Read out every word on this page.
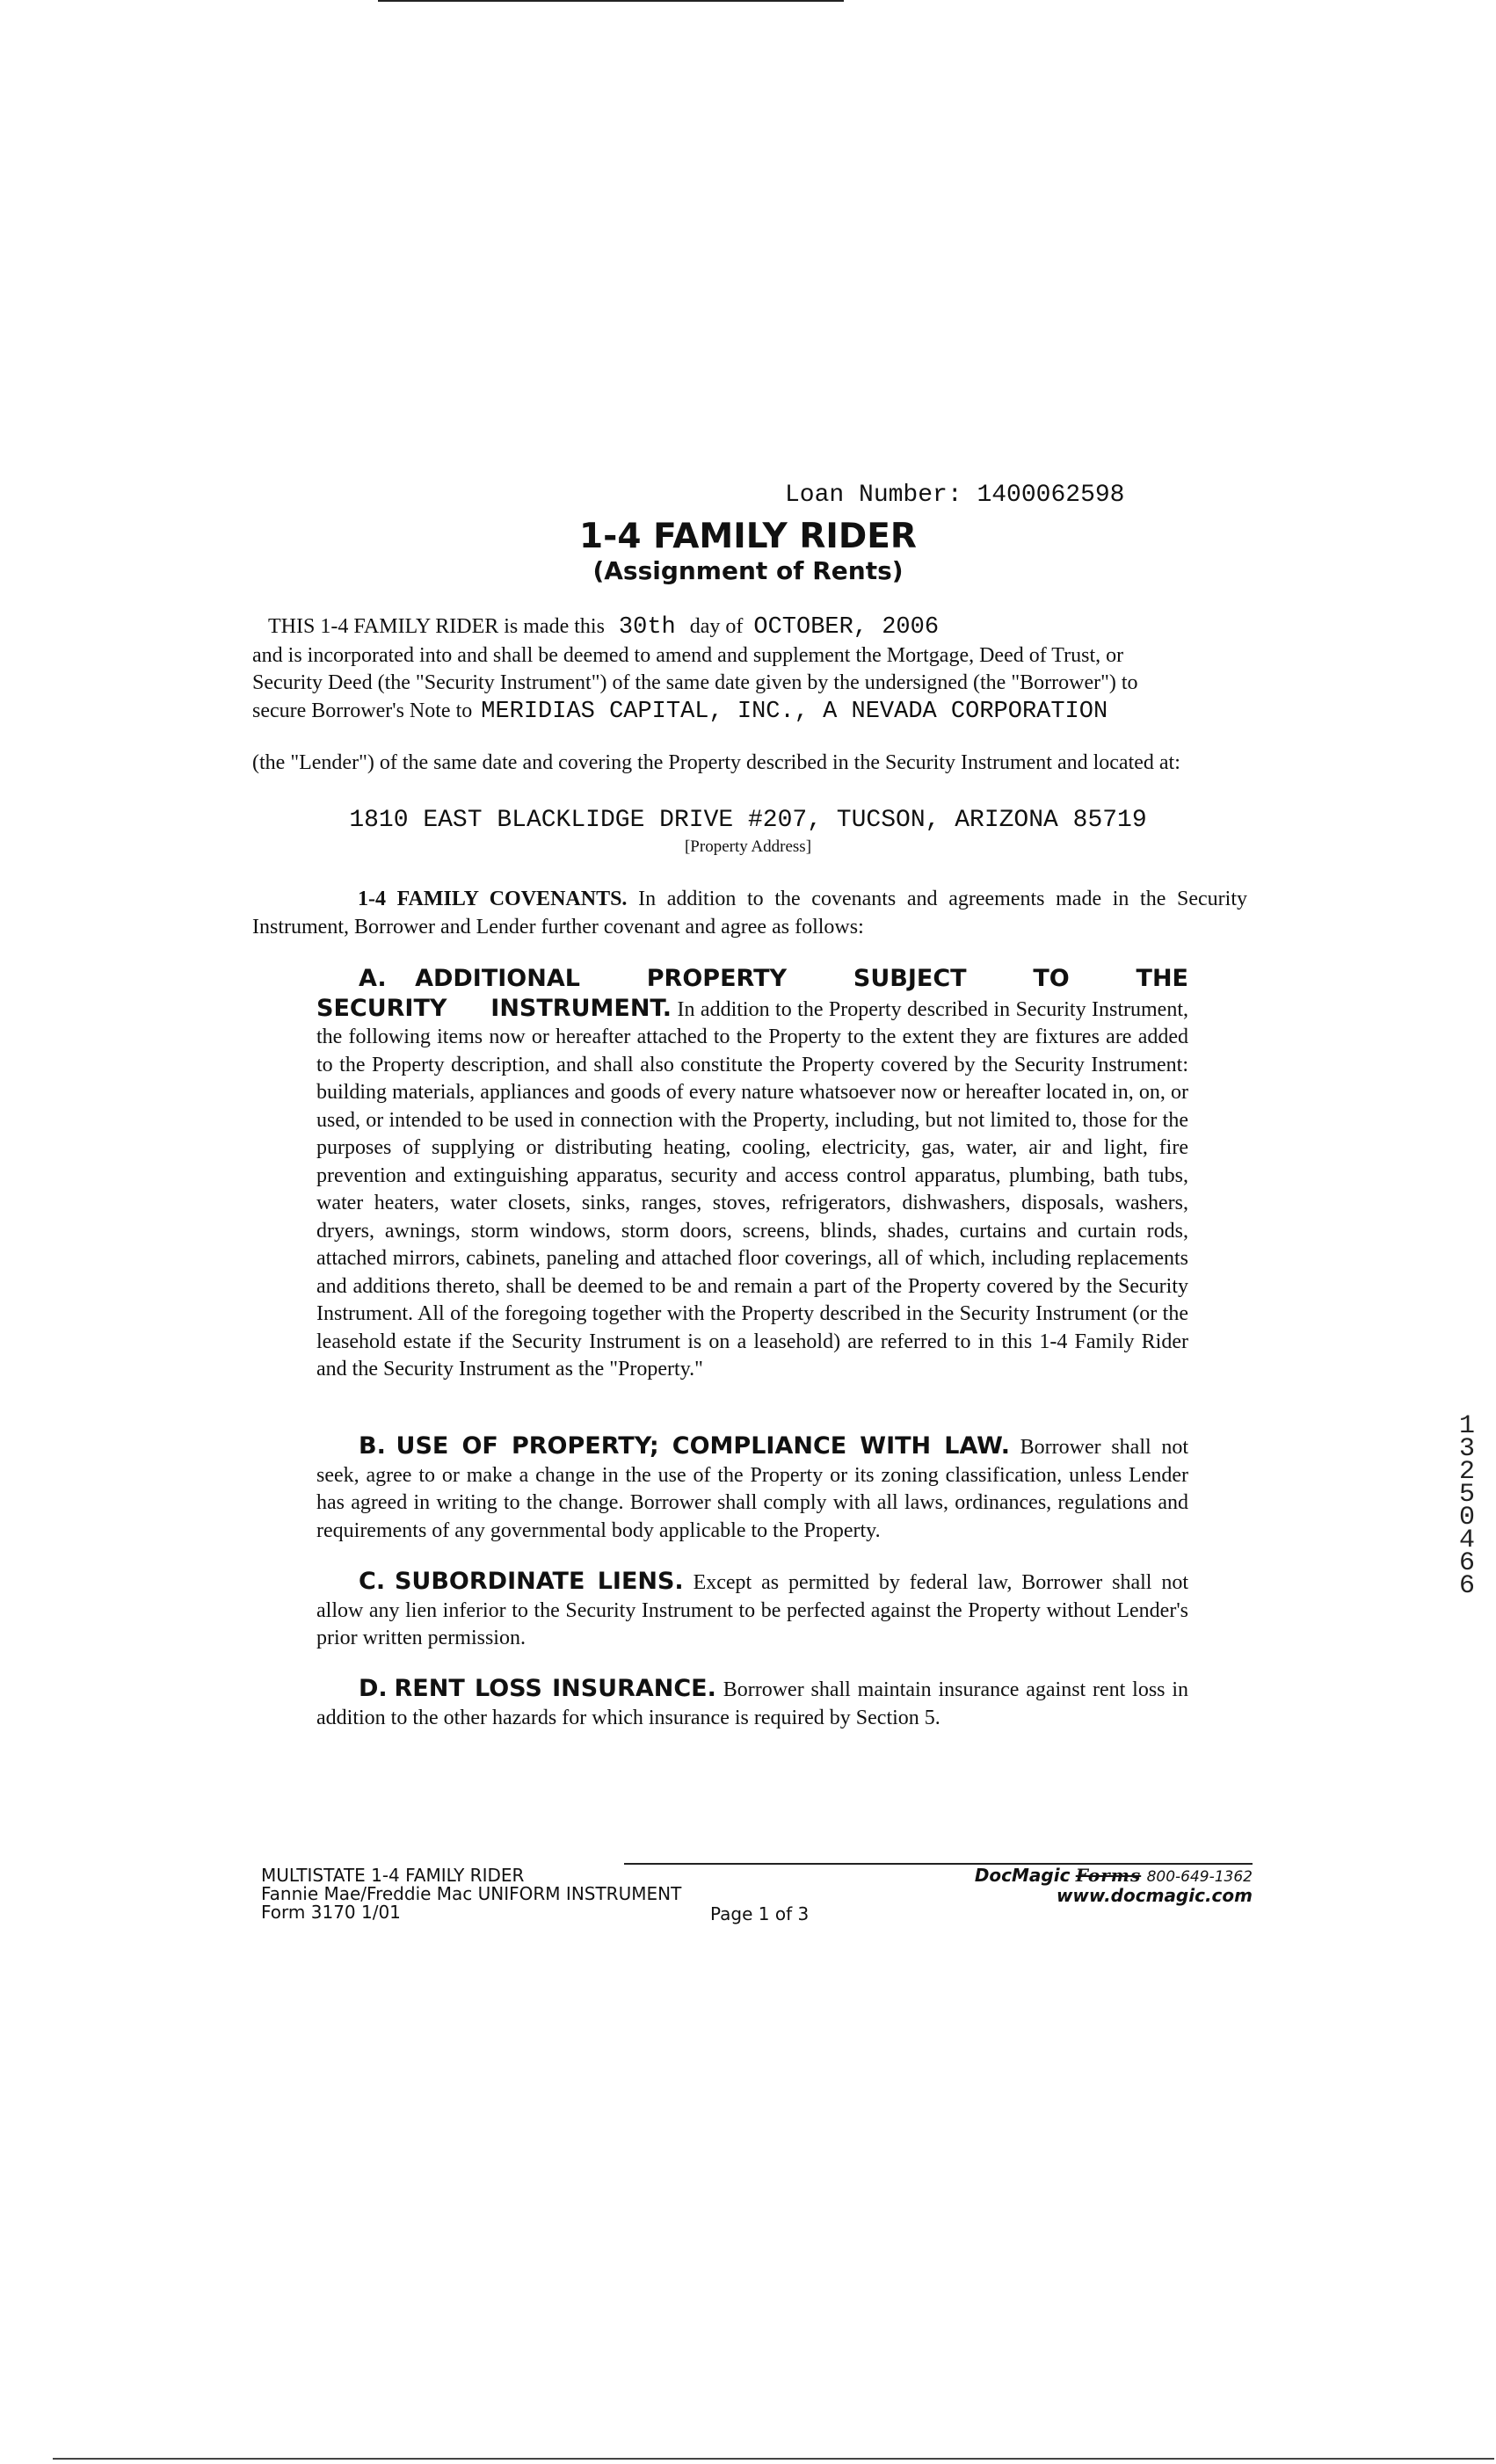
Loan Number: 1400062598
1-4 FAMILY RIDER
(Assignment of Rents)
THIS 1-4 FAMILY RIDER is made this 30th day of OCTOBER, 2006
and is incorporated into and shall be deemed to amend and supplement the Mortgage, Deed of Trust, or
Security Deed (the "Security Instrument") of the same date given by the undersigned (the "Borrower") to
secure Borrower's Note to MERIDIAS CAPITAL, INC., A NEVADA CORPORATION
(the "Lender") of the same date and covering the Property described in the Security Instrument and located at:
1810 EAST BLACKLIDGE DRIVE #207, TUCSON, ARIZONA 85719
[Property Address]
1-4 FAMILY COVENANTS. In addition to the covenants and agreements made in the Security Instrument, Borrower and Lender further covenant and agree as follows:
A. ADDITIONAL PROPERTY SUBJECT TO THE SECURITY INSTRUMENT. In addition to the Property described in Security Instrument, the following items now or hereafter attached to the Property to the extent they are fixtures are added to the Property description, and shall also constitute the Property covered by the Security Instrument: building materials, appliances and goods of every nature whatsoever now or hereafter located in, on, or used, or intended to be used in connection with the Property, including, but not limited to, those for the purposes of supplying or distributing heating, cooling, electricity, gas, water, air and light, fire prevention and extinguishing apparatus, security and access control apparatus, plumbing, bath tubs, water heaters, water closets, sinks, ranges, stoves, refrigerators, dishwashers, disposals, washers, dryers, awnings, storm windows, storm doors, screens, blinds, shades, curtains and curtain rods, attached mirrors, cabinets, paneling and attached floor coverings, all of which, including replacements and additions thereto, shall be deemed to be and remain a part of the Property covered by the Security Instrument. All of the foregoing together with the Property described in the Security Instrument (or the leasehold estate if the Security Instrument is on a leasehold) are referred to in this 1-4 Family Rider and the Security Instrument as the "Property."
B. USE OF PROPERTY; COMPLIANCE WITH LAW. Borrower shall not seek, agree to or make a change in the use of the Property or its zoning classification, unless Lender has agreed in writing to the change. Borrower shall comply with all laws, ordinances, regulations and requirements of any governmental body applicable to the Property.
C. SUBORDINATE LIENS. Except as permitted by federal law, Borrower shall not allow any lien inferior to the Security Instrument to be perfected against the Property without Lender's prior written permission.
D. RENT LOSS INSURANCE. Borrower shall maintain insurance against rent loss in addition to the other hazards for which insurance is required by Section 5.
1325 0466
MULTISTATE 1-4 FAMILY RIDER
Fannie Mae/Freddie Mac UNIFORM INSTRUMENT
Form 3170 1/01	Page 1 of 3
DocMagic Forms 800-649-1362
www.docmagic.com
